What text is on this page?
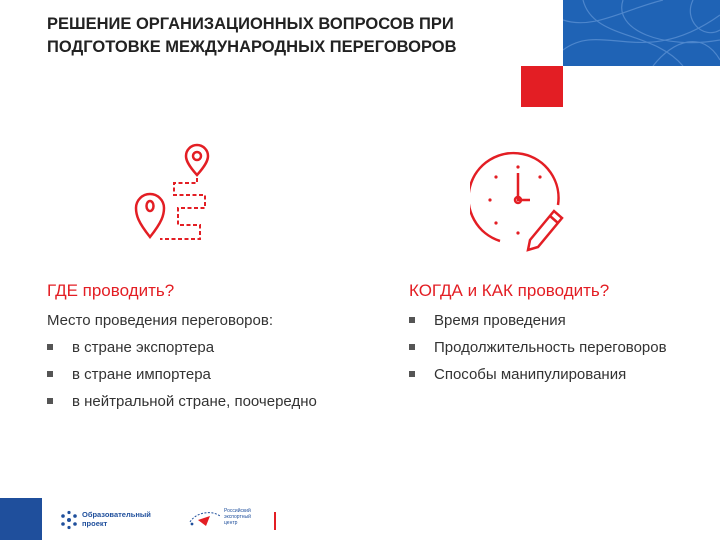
РЕШЕНИЕ ОРГАНИЗАЦИОННЫХ ВОПРОСОВ ПРИ ПОДГОТОВКЕ МЕЖДУНАРОДНЫХ ПЕРЕГОВОРОВ
ГДЕ проводить?	КОГДА и КАК проводить?

Место проведения переговоров:

в стране экспортера
в стране импортера
в нейтральной стране, поочередно
Время проведения
Продолжительность переговоров
Способы манипулирования
Образовательный проект
Российский экспортный центр
